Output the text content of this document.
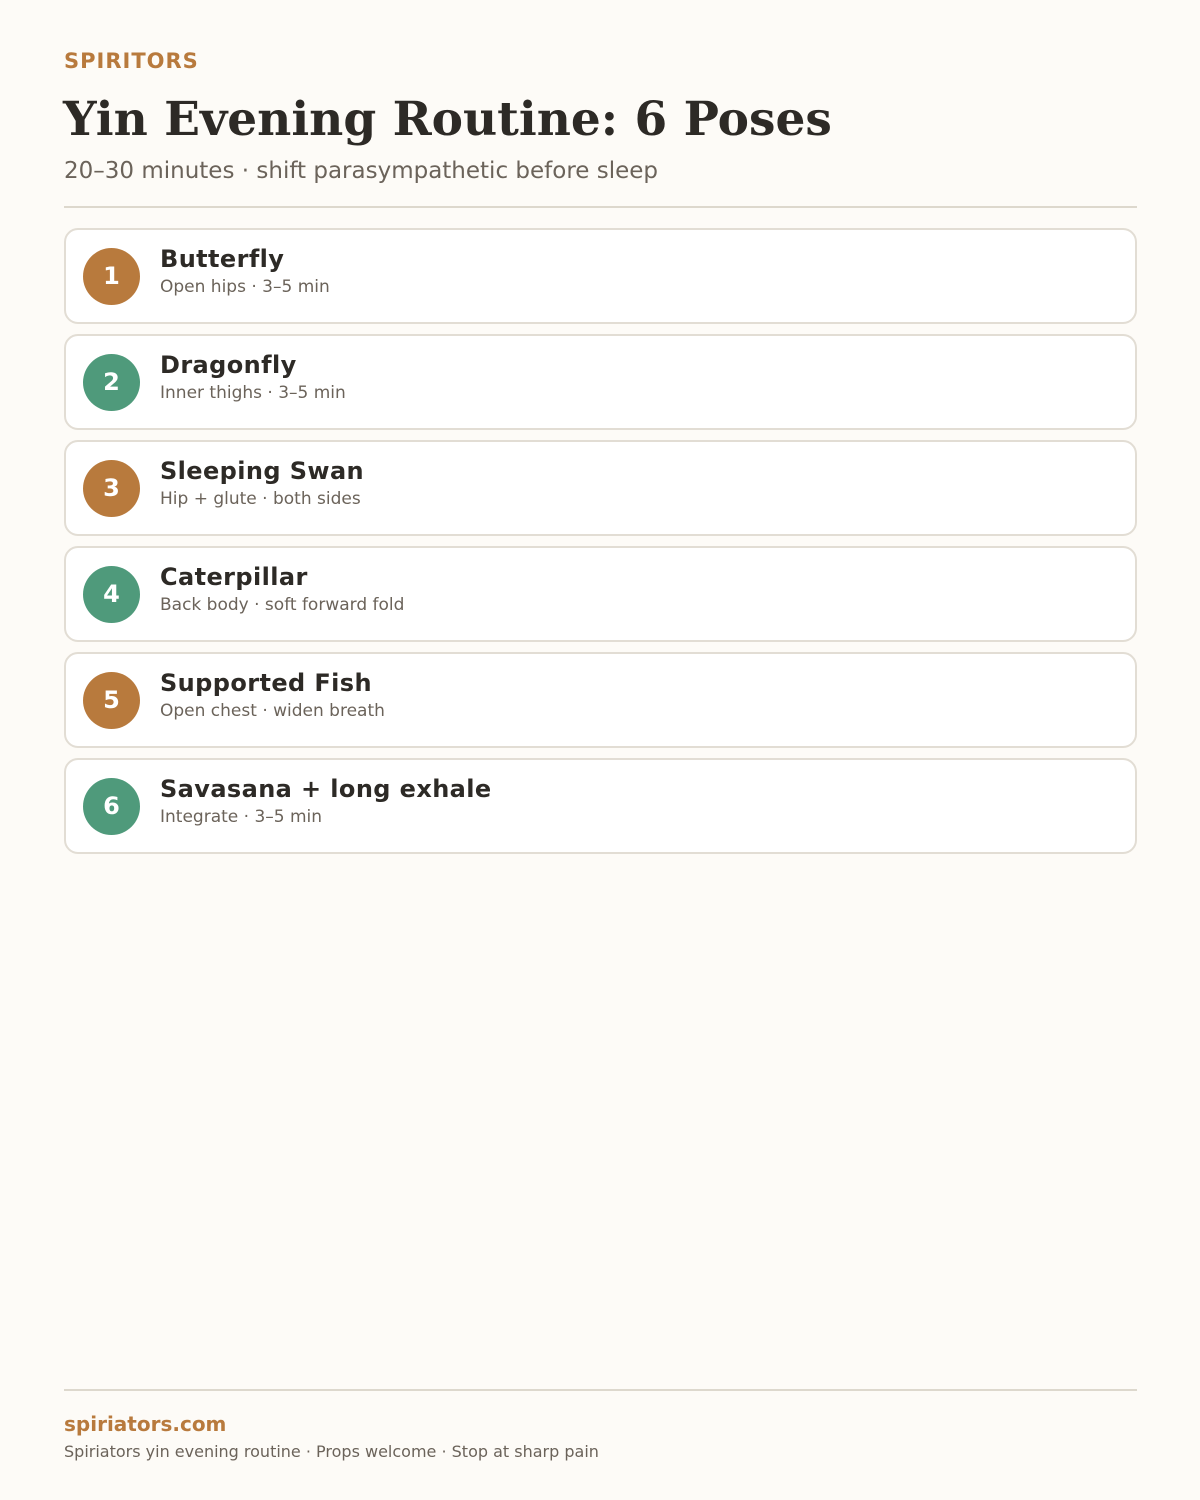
SPIRITORS
Yin Evening Routine: 6 Poses
20–30 minutes · shift parasympathetic before sleep
1
Butterfly
Open hips · 3–5 min
2
Dragonfly
Inner thighs · 3–5 min
3
Sleeping Swan
Hip + glute · both sides
4
Caterpillar
Back body · soft forward fold
5
Supported Fish
Open chest · widen breath
6
Savasana + long exhale
Integrate · 3–5 min
spiriators.com
Spiriators yin evening routine · Props welcome · Stop at sharp pain
